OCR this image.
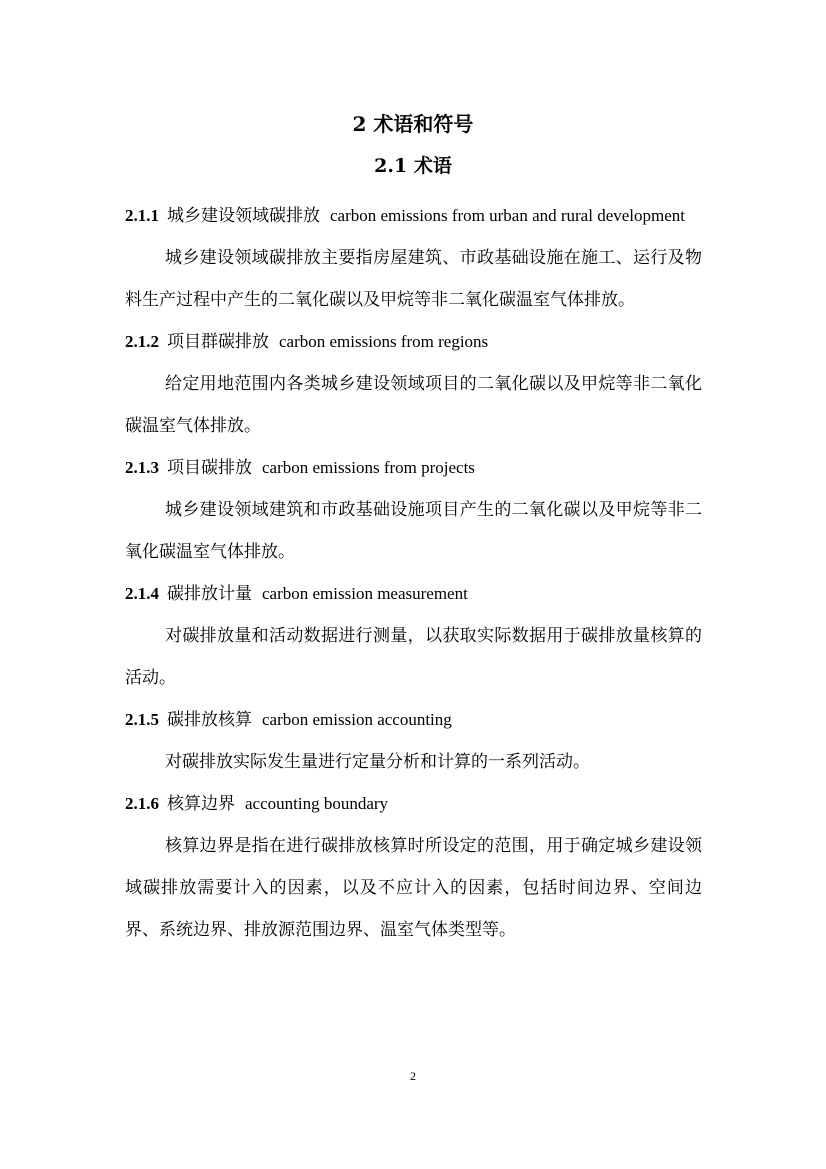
2 术语和符号
2.1 术语

2.1.1 城乡建设领域碳排放 carbon emissions from urban and rural development

城乡建设领域碳排放主要指房屋建筑、市政基础设施在施工、运行及物料生产过程中产生的二氧化碳以及甲烷等非二氧化碳温室气体排放。

2.1.2 项目群碳排放 carbon emissions from regions

给定用地范围内各类城乡建设领域项目的二氧化碳以及甲烷等非二氧化碳温室气体排放。

2.1.3 项目碳排放 carbon emissions from projects

城乡建设领域建筑和市政基础设施项目产生的二氧化碳以及甲烷等非二氧化碳温室气体排放。

2.1.4 碳排放计量 carbon emission measurement

对碳排放量和活动数据进行测量，以获取实际数据用于碳排放量核算的活动。

2.1.5 碳排放核算 carbon emission accounting

对碳排放实际发生量进行定量分析和计算的一系列活动。

2.1.6 核算边界 accounting boundary

核算边界是指在进行碳排放核算时所设定的范围，用于确定城乡建设领域碳排放需要计入的因素，以及不应计入的因素，包括时间边界、空间边界、系统边界、排放源范围边界、温室气体类型等。

2
